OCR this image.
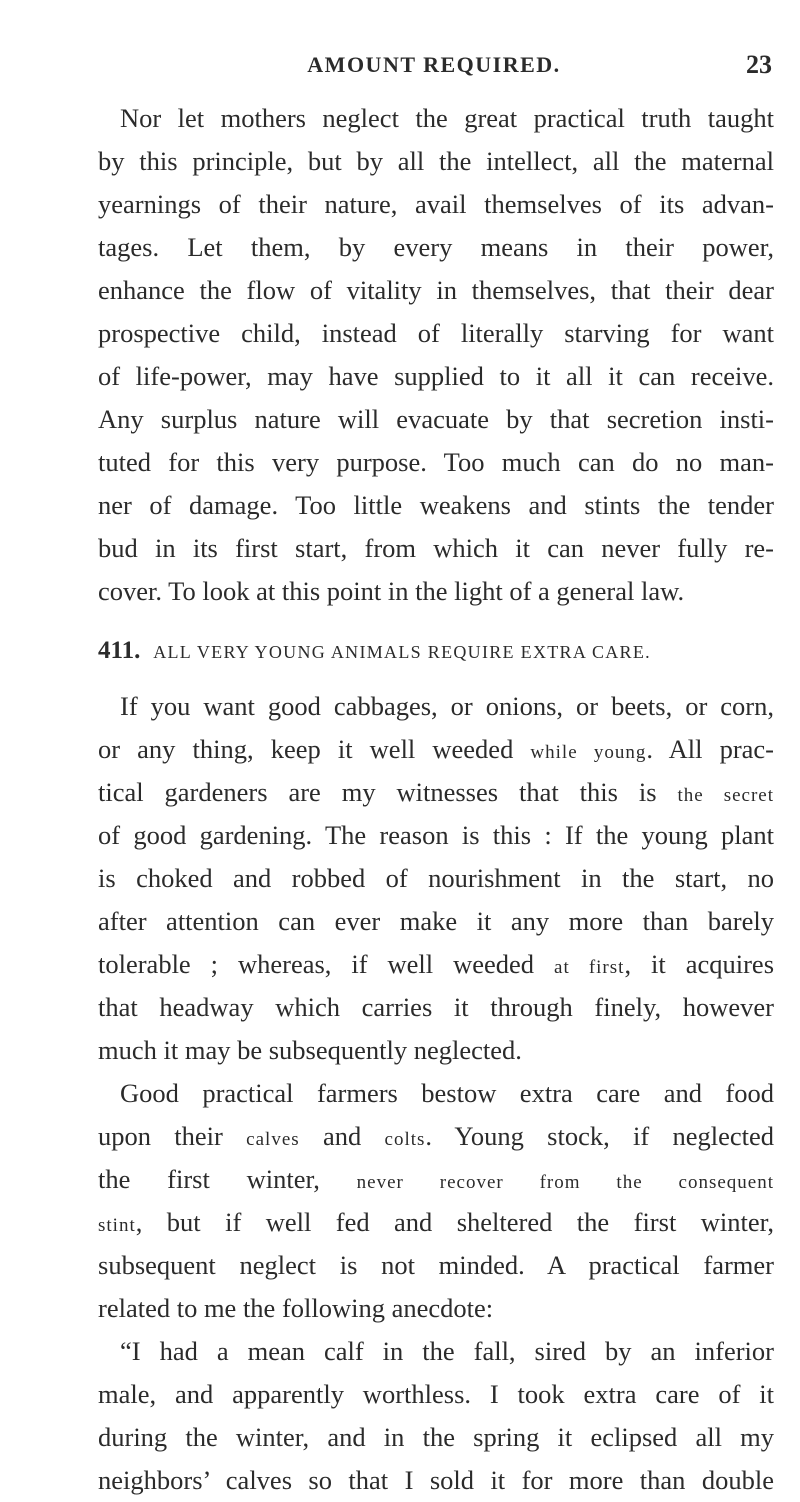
AMOUNT REQUIRED.	23
Nor let mothers neglect the great practical truth taught
by this principle, but by all the intellect, all the maternal
yearnings of their nature, avail themselves of its advan-
tages. Let them, by every means in their power,
enhance the flow of vitality in themselves, that their dear
prospective child, instead of literally starving for want
of life-power, may have supplied to it all it can receive.
Any surplus nature will evacuate by that secretion insti-
tuted for this very purpose. Too much can do no man-
ner of damage. Too little weakens and stints the tender
bud in its first start, from which it can never fully re-
cover. To look at this point in the light of a general law.
411. ALL VERY YOUNG ANIMALS REQUIRE EXTRA CARE.
If you want good cabbages, or onions, or beets, or corn,
or any thing, keep it well weeded while young. All prac-
tical gardeners are my witnesses that this is the secret
of good gardening. The reason is this : If the young plant
is choked and robbed of nourishment in the start, no
after attention can ever make it any more than barely
tolerable ; whereas, if well weeded at first, it acquires
that headway which carries it through finely, however
much it may be subsequently neglected.
Good practical farmers bestow extra care and food
upon their calves and colts. Young stock, if neglected
the first winter, never recover from the consequent
stint, but if well fed and sheltered the first winter,
subsequent neglect is not minded. A practical farmer
related to me the following anecdote:
“I had a mean calf in the fall, sired by an inferior
male, and apparently worthless. I took extra care of it
during the winter, and in the spring it eclipsed all my
neighbors’ calves so that I sold it for more than double
